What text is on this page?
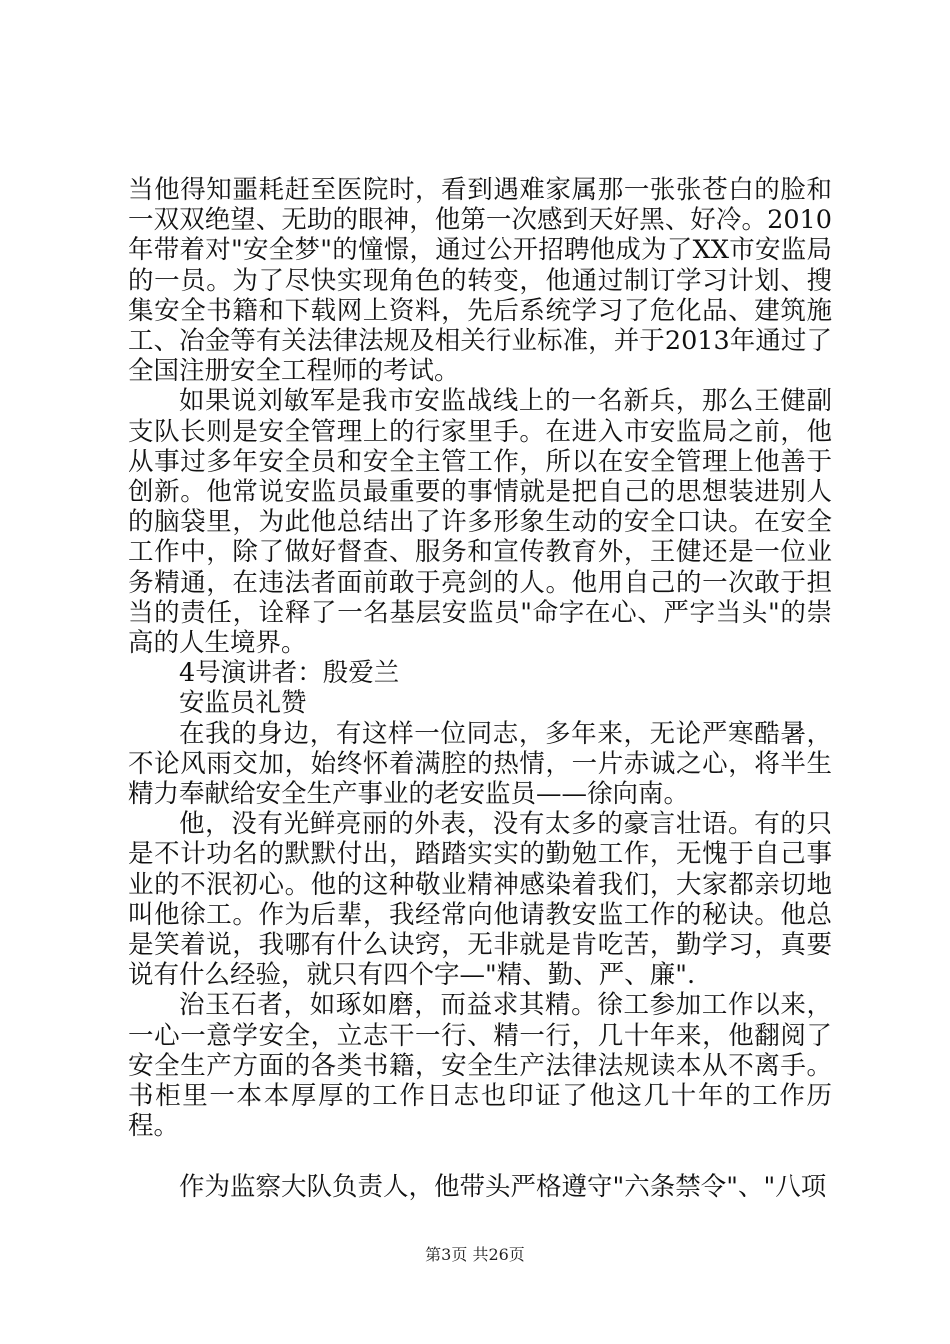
当他得知噩耗赶至医院时，看到遇难家属那一张张苍白的脸和一双双绝望、无助的眼神，他第一次感到天好黑、好冷。2010年带着对"安全梦"的憧憬，通过公开招聘他成为了XX市安监局的一员。为了尽快实现角色的转变，他通过制订学习计划、搜集安全书籍和下载网上资料，先后系统学习了危化品、建筑施工、冶金等有关法律法规及相关行业标准，并于2013年通过了全国注册安全工程师的考试。

如果说刘敏军是我市安监战线上的一名新兵，那么王健副支队长则是安全管理上的行家里手。在进入市安监局之前，他从事过多年安全员和安全主管工作，所以在安全管理上他善于创新。他常说安监员最重要的事情就是把自己的思想装进别人的脑袋里，为此他总结出了许多形象生动的安全口诀。在安全工作中，除了做好督查、服务和宣传教育外，王健还是一位业务精通，在违法者面前敢于亮剑的人。他用自己的一次敢于担当的责任，诠释了一名基层安监员"命字在心、严字当头"的崇高的人生境界。

4号演讲者：殷爱兰

安监员礼赞

在我的身边，有这样一位同志，多年来，无论严寒酷暑，不论风雨交加，始终怀着满腔的热情，一片赤诚之心，将半生精力奉献给安全生产事业的老安监员——徐向南。

他，没有光鲜亮丽的外表，没有太多的豪言壮语。有的只是不计功名的默默付出，踏踏实实的勤勉工作，无愧于自己事业的不泯初心。他的这种敬业精神感染着我们，大家都亲切地叫他徐工。作为后辈，我经常向他请教安监工作的秘诀。他总是笑着说，我哪有什么诀窍，无非就是肯吃苦，勤学习，真要说有什么经验，就只有四个字—"精、勤、严、廉".

治玉石者，如琢如磨，而益求其精。徐工参加工作以来，一心一意学安全，立志干一行、精一行，几十年来，他翻阅了安全生产方面的各类书籍，安全生产法律法规读本从不离手。书柜里一本本厚厚的工作日志也印证了他这几十年的工作历程。

作为监察大队负责人，他带头严格遵守"六条禁令"、"八项

第3页 共26页
